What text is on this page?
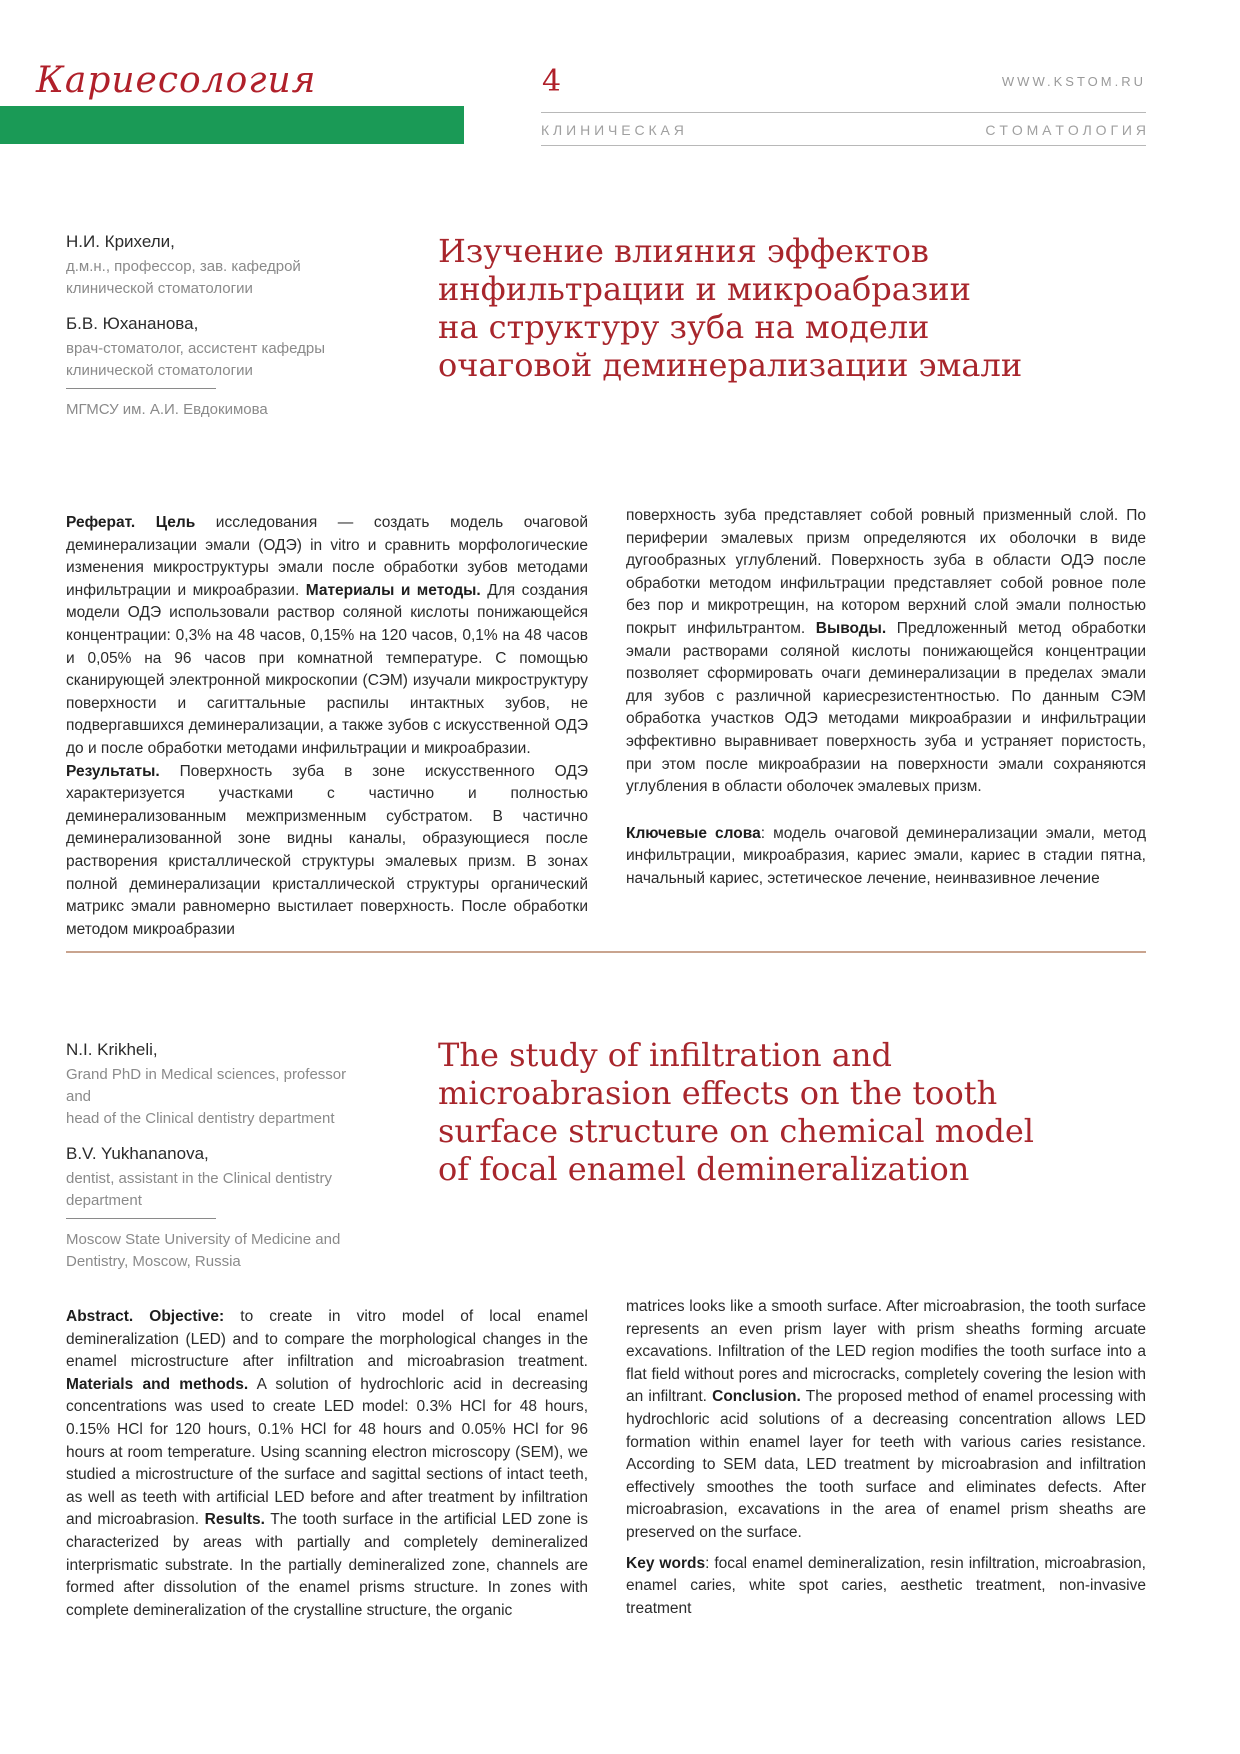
Кариесология	4	WWW.KSTOM.RU
К Л И Н И Ч Е С К А Я	С Т О М А Т О Л О Г И Я
Н.И. Крихели,
д.м.н., профессор, зав. кафедрой
клинической стоматологии
Б.В. Юхананова,
врач-стоматолог, ассистент кафедры
клинической стоматологии
МГМСУ им. А.И. Евдокимова
Изучение влияния эффектов
инфильтрации и микроабразии
на структуру зуба на модели
очаговой деминерализации эмали

Реферат. Цель исследования — создать модель очаговой деминерализации эмали (ОДЭ) in vitro и сравнить морфологические изменения микроструктуры эмали после обработки зубов методами инфильтрации и микроабразии. Материалы и методы. Для создания модели ОДЭ использовали раствор соляной кислоты понижающейся концентрации: 0,3% на 48 часов, 0,15% на 120 часов, 0,1% на 48 часов и 0,05% на 96 часов при комнатной температуре. С помощью сканирующей электронной микроскопии (СЭМ) изучали микроструктуру поверхности и сагиттальные распилы интактных зубов, не подвергавшихся деминерализации, а также зубов с искусственной ОДЭ до и после обработки методами инфильтрации и микроабразии.

Результаты. Поверхность зуба в зоне искусственного ОДЭ характеризуется участками с частично и полностью деминерализованным межпризменным субстратом. В частично деминерализованной зоне видны каналы, образующиеся после растворения кристаллической структуры эмалевых призм. В зонах полной деминерализации кристаллической структуры органический матрикс эмали равномерно выстилает поверхность. После обработки методом микроабразии

поверхность зуба представляет собой ровный призменный слой. По периферии эмалевых призм определяются их оболочки в виде дугообразных углублений. Поверхность зуба в области ОДЭ после обработки методом инфильтрации представляет собой ровное поле без пор и микротрещин, на котором верхний слой эмали полностью покрыт инфильтрантом. Выводы. Предложенный метод обработки эмали растворами соляной кислоты понижающейся концентрации позволяет сформировать очаги деминерализации в пределах эмали для зубов с различной кариесрезистентностью. По данным СЭМ обработка участков ОДЭ методами микроабразии и инфильтрации эффективно выравнивает поверхность зуба и устраняет пористость, при этом после микроабразии на поверхности эмали сохраняются углубления в области оболочек эмалевых призм.

Ключевые слова: модель очаговой деминерализации эмали, метод инфильтрации, микроабразия, кариес эмали, кариес в стадии пятна, начальный кариес, эстетическое лечение, неинвазивное лечение

N.I. Krikheli,
Grand PhD in Medical sciences, professor and
head of the Clinical dentistry department
B.V. Yukhananova,
dentist, assistant in the Clinical dentistry
department
Moscow State University of Medicine and
Dentistry, Moscow, Russia
The study of infiltration and
microabrasion effects on the tooth
surface structure on chemical model
of focal enamel demineralization

Abstract. Objective: to create in vitro model of local enamel demineralization (LED) and to compare the morphological changes in the enamel microstructure after infiltration and microabrasion treatment. Materials and methods. A solution of hydrochloric acid in decreasing concentrations was used to create LED model: 0.3% HCl for 48 hours, 0.15% HCl for 120 hours, 0.1% HCl for 48 hours and 0.05% HCl for 96 hours at room temperature. Using scanning electron microscopy (SEM), we studied a microstructure of the surface and sagittal sections of intact teeth, as well as teeth with artificial LED before and after treatment by infiltration and microabrasion. Results. The tooth surface in the artificial LED zone is characterized by areas with partially and completely demineralized interprismatic substrate. In the partially demineralized zone, channels are formed after dissolution of the enamel prisms structure. In zones with complete demineralization of the crystalline structure, the organic

matrices looks like a smooth surface. After microabrasion, the tooth surface represents an even prism layer with prism sheaths forming arcuate excavations. Infiltration of the LED region modifies the tooth surface into a flat field without pores and microcracks, completely covering the lesion with an infiltrant. Conclusion. The proposed method of enamel processing with hydrochloric acid solutions of a decreasing concentration allows LED formation within enamel layer for teeth with various caries resistance. According to SEM data, LED treatment by microabrasion and infiltration effectively smoothes the tooth surface and eliminates defects. After microabrasion, excavations in the area of enamel prism sheaths are preserved on the surface.

Key words: focal enamel demineralization, resin infiltration, microabrasion, enamel caries, white spot caries, aesthetic treatment, non-invasive treatment
